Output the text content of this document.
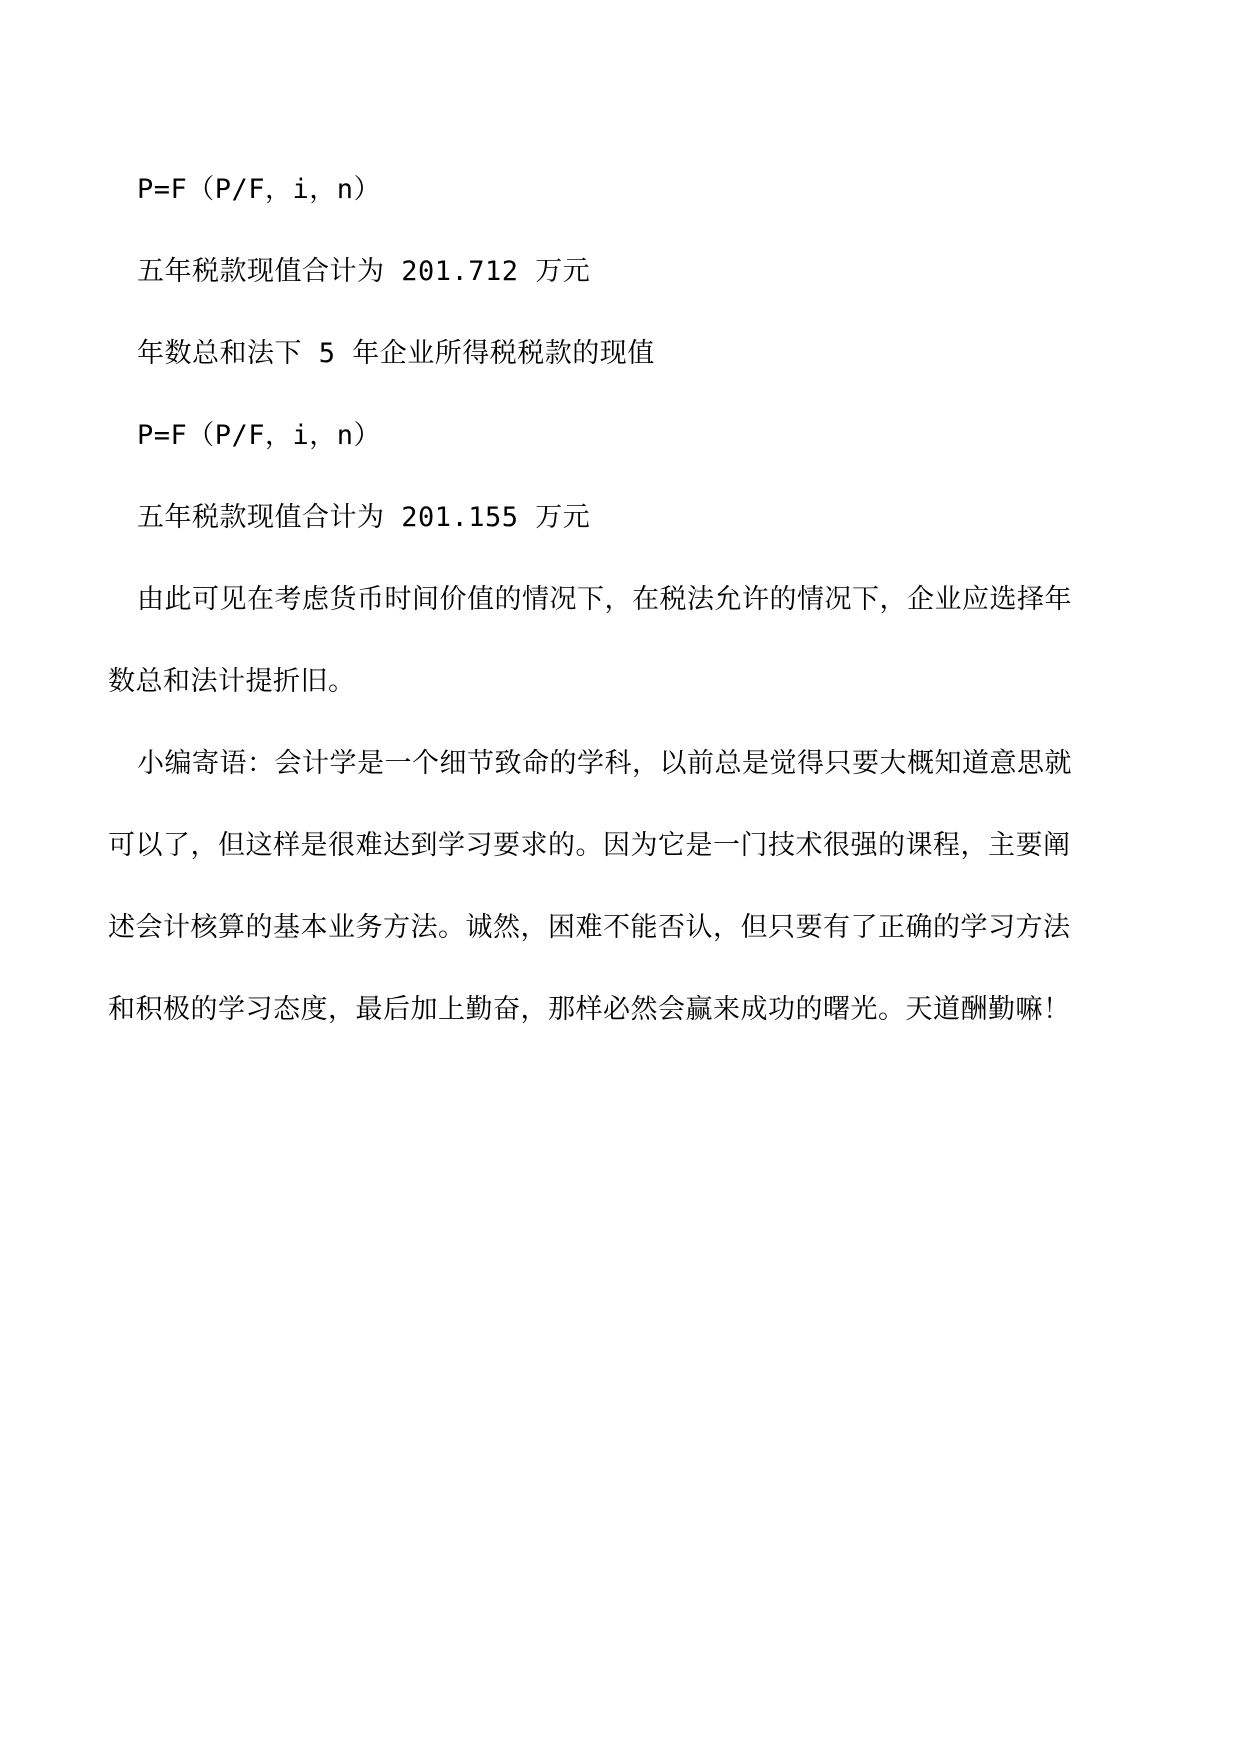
P=F（P/F，i，n）
五年税款现值合计为 201.712 万元
年数总和法下 5 年企业所得税税款的现值
P=F（P/F，i，n）
五年税款现值合计为 201.155 万元
由此可见在考虑货币时间价值的情况下，在税法允许的情况下，企业应选择年
数总和法计提折旧。
小编寄语：会计学是一个细节致命的学科，以前总是觉得只要大概知道意思就
可以了，但这样是很难达到学习要求的。因为它是一门技术很强的课程，主要阐
述会计核算的基本业务方法。诚然，困难不能否认，但只要有了正确的学习方法
和积极的学习态度，最后加上勤奋，那样必然会赢来成功的曙光。天道酬勤嘛！
